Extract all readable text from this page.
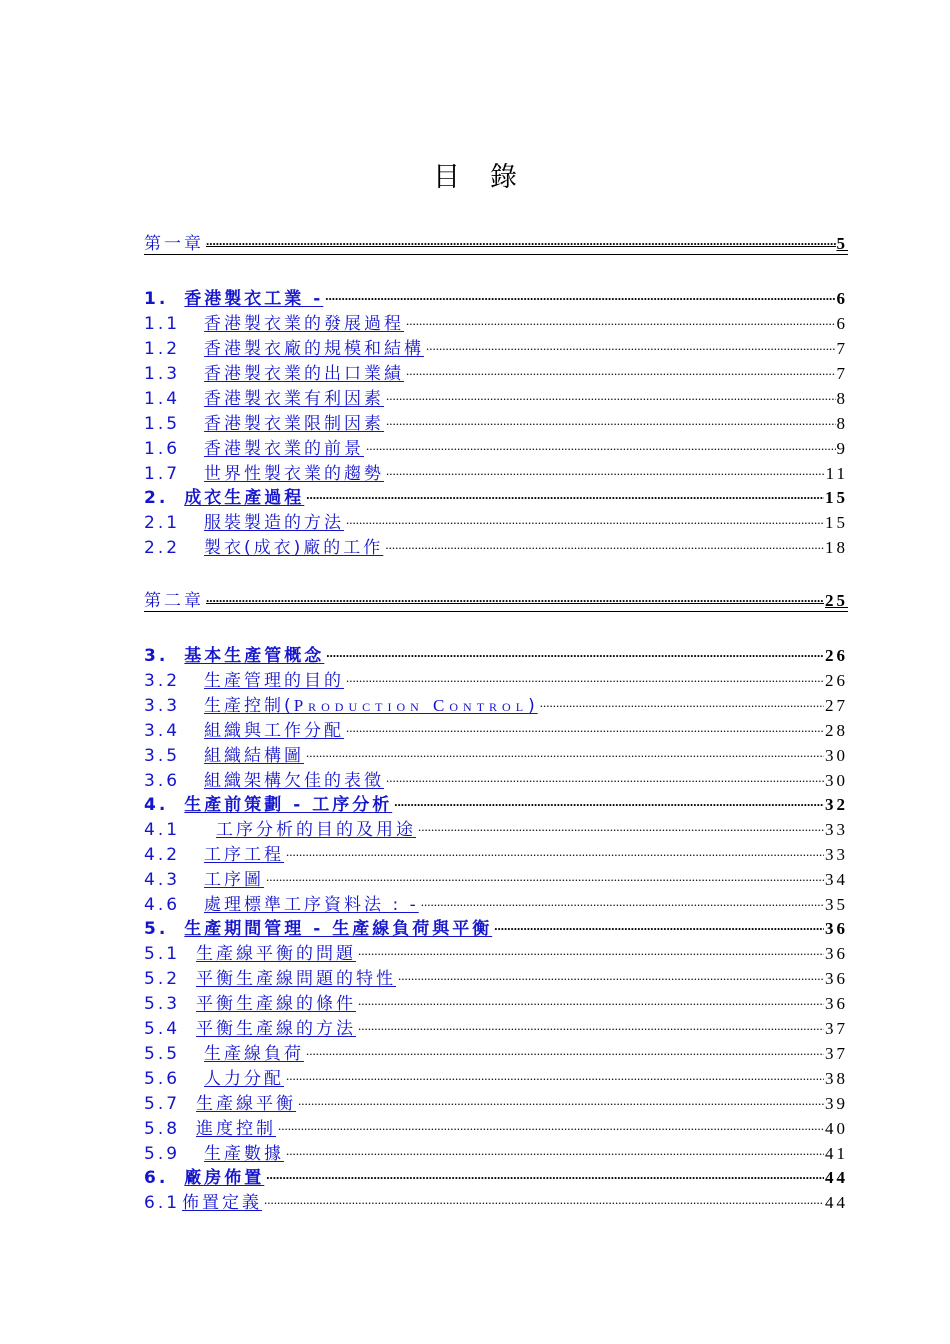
目錄
第一章 .....	5
1. 香港製衣工業 - .....	6
1.1 香港製衣業的發展過程 .....	6
1.2 香港製衣廠的規模和結構 .....	7
1.3 香港製衣業的出口業績 .....	7
1.4 香港製衣業有利因素 .....	8
1.5 香港製衣業限制因素 .....	8
1.6 香港製衣業的前景 .....	9
1.7 世界性製衣業的趨勢 .....	11
2. 成衣生產過程 .....	15
2.1 服裝製造的方法 .....	15
2.2 製衣(成衣)廠的工作 .....	18
第二章 .....	25
3. 基本生產管概念 .....	26
3.2 生產管理的目的 .....	26
3.3 生產控制(Production Control) .....	27
3.4 組織與工作分配 .....	28
3.5 組織結構圖 .....	30
3.6 組織架構欠佳的表徵 .....	30
4. 生產前策劃 - 工序分析 .....	32
4.1 工序分析的目的及用途 .....	33
4.2 工序工程 .....	33
4.3 工序圖 .....	34
4.6 處理標準工序資料法 : - .....	35
5. 生產期間管理 - 生產線負荷與平衡 .....	36
5.1 生產線平衡的問題 .....	36
5.2 平衡生產線問題的特性 .....	36
5.3 平衡生產線的條件 .....	36
5.4 平衡生產線的方法 .....	37
5.5 生產線負荷 .....	37
5.6 人力分配 .....	38
5.7 生產線平衡 .....	39
5.8 進度控制 .....	40
5.9 生產數據 .....	41
6. 廠房佈置 .....	44
6.1 佈置定義 .....	44
